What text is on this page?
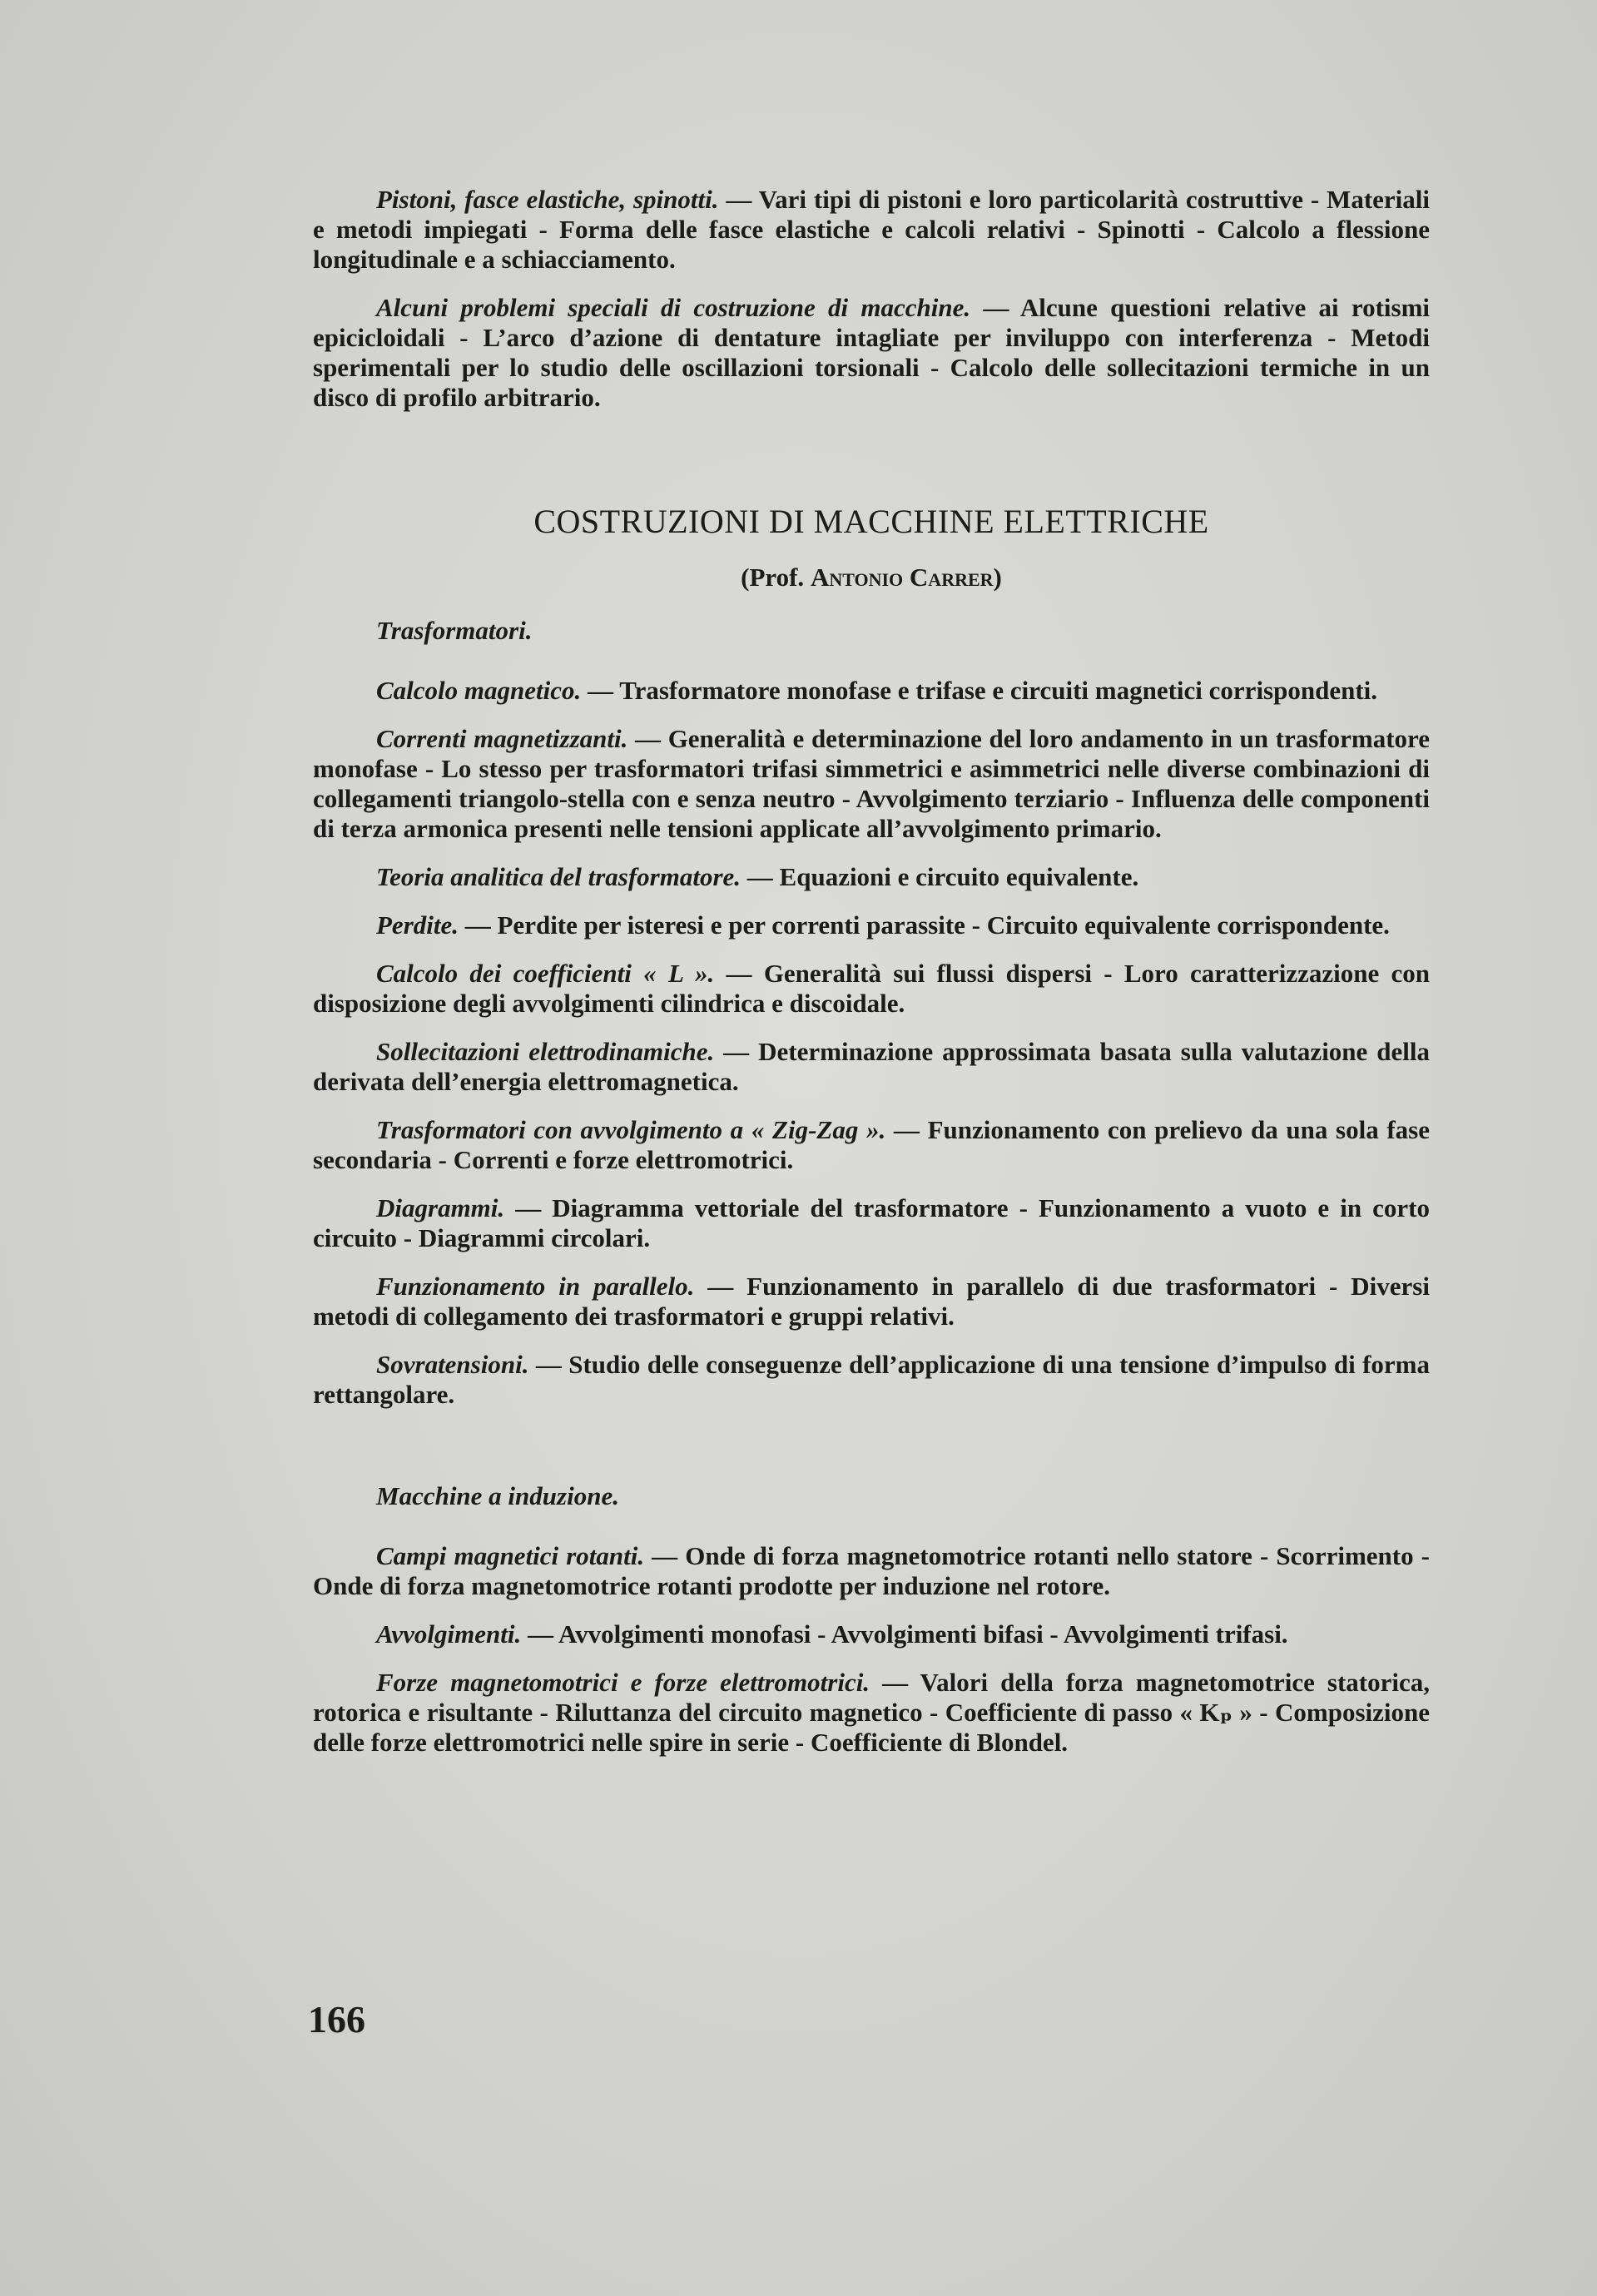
Pistoni, fasce elastiche, spinotti. — Vari tipi di pistoni e loro particolarità costruttive - Materiali e metodi impiegati - Forma delle fasce elastiche e calcoli relativi - Spinotti - Calcolo a flessione longitudinale e a schiacciamento.

Alcuni problemi speciali di costruzione di macchine. — Alcune questioni relative ai rotismi epicicloidali - L’arco d’azione di dentature intagliate per inviluppo con interferenza - Metodi sperimentali per lo studio delle oscillazioni torsionali - Calcolo delle sollecitazioni termiche in un disco di profilo arbitrario.

COSTRUZIONI DI MACCHINE ELETTRICHE
(Prof. Antonio Carrer)
Trasformatori.

Calcolo magnetico. — Trasformatore monofase e trifase e circuiti magnetici corrispondenti.

Correnti magnetizzanti. — Generalità e determinazione del loro andamento in un trasformatore monofase - Lo stesso per trasformatori trifasi simmetrici e asimmetrici nelle diverse combinazioni di collegamenti triangolo-stella con e senza neutro - Avvolgimento terziario - Influenza delle componenti di terza armonica presenti nelle tensioni applicate all’avvolgimento primario.

Teoria analitica del trasformatore. — Equazioni e circuito equivalente.

Perdite. — Perdite per isteresi e per correnti parassite - Circuito equivalente corrispondente.

Calcolo dei coefficienti « L ». — Generalità sui flussi dispersi - Loro caratterizzazione con disposizione degli avvolgimenti cilindrica e discoidale.

Sollecitazioni elettrodinamiche. — Determinazione approssimata basata sulla valutazione della derivata dell’energia elettromagnetica.

Trasformatori con avvolgimento a « Zig-Zag ». — Funzionamento con prelievo da una sola fase secondaria - Correnti e forze elettromotrici.

Diagrammi. — Diagramma vettoriale del trasformatore - Funzionamento a vuoto e in corto circuito - Diagrammi circolari.

Funzionamento in parallelo. — Funzionamento in parallelo di due trasformatori - Diversi metodi di collegamento dei trasformatori e gruppi relativi.

Sovratensioni. — Studio delle conseguenze dell’applicazione di una tensione d’impulso di forma rettangolare.

Macchine a induzione.

Campi magnetici rotanti. — Onde di forza magnetomotrice rotanti nello statore - Scorrimento - Onde di forza magnetomotrice rotanti prodotte per induzione nel rotore.

Avvolgimenti. — Avvolgimenti monofasi - Avvolgimenti bifasi - Avvolgimenti trifasi.

Forze magnetomotrici e forze elettromotrici. — Valori della forza magnetomotrice statorica, rotorica e risultante - Riluttanza del circuito magnetico - Coefficiente di passo « Kₚ » - Composizione delle forze elettromotrici nelle spire in serie - Coefficiente di Blondel.

166
